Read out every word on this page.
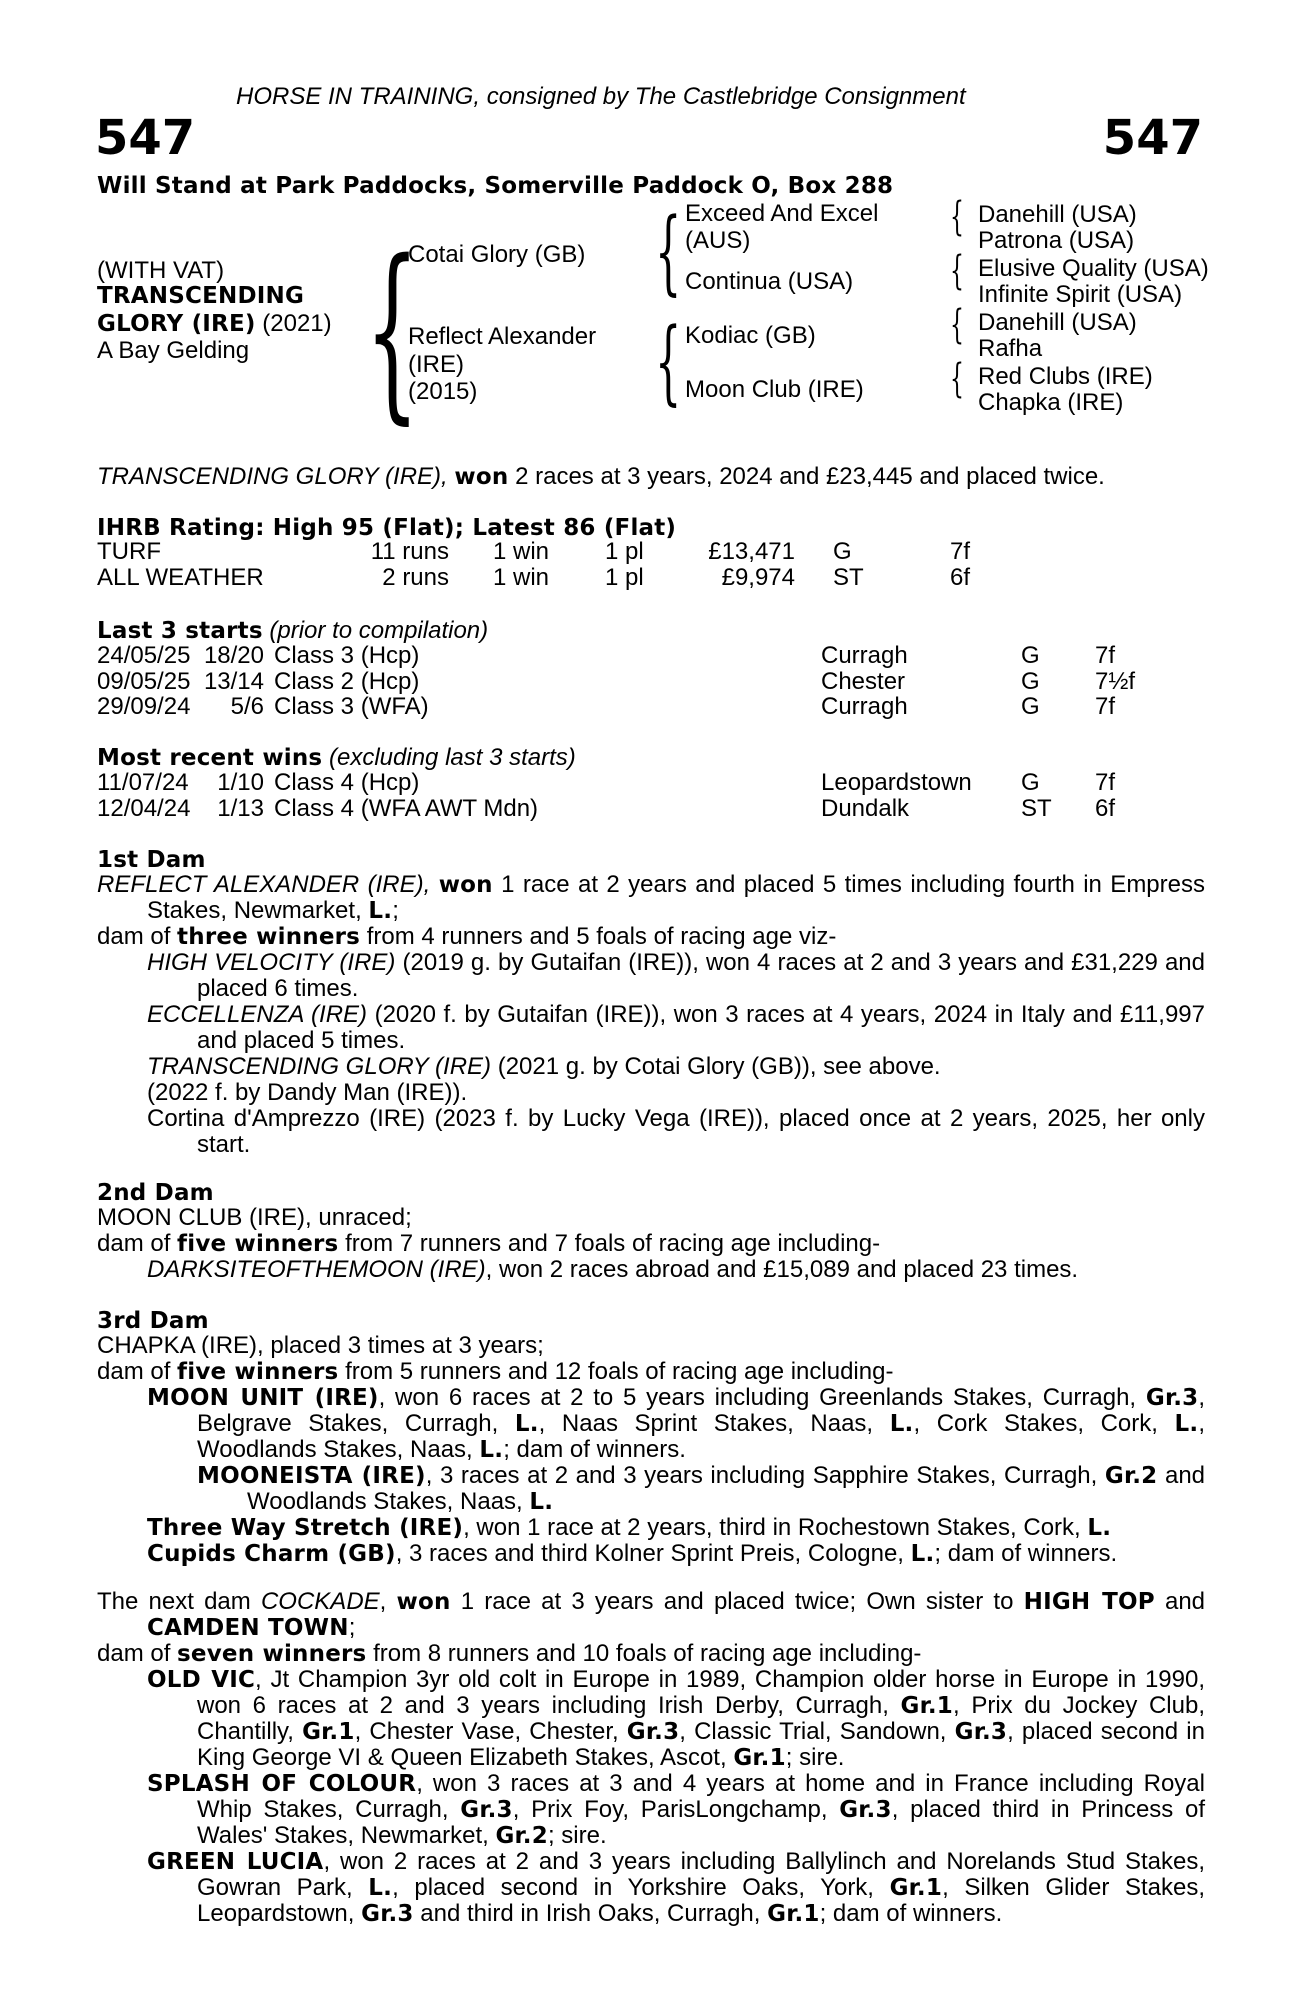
HORSE IN TRAINING, consigned by The Castlebridge Consignment
547	547
Will Stand at Park Paddocks, Somerville Paddock O, Box 288
(WITH VAT)
TRANSCENDING
GLORY (IRE) (2021)
A Bay Gelding {	{
{
{
{
{
{
Cotai Glory (GB)
Reflect Alexander
(IRE)
(2015)
Exceed And Excel
(AUS)
Continua (USA)
Kodiac (GB)
Moon Club (IRE)
Danehill (USA)
Patrona (USA)
Elusive Quality (USA)
Infinite Spirit (USA)
Danehill (USA)
Rafha
Red Clubs (IRE)
Chapka (IRE)
TRANSCENDING GLORY (IRE), won 2 races at 3 years, 2024 and £23,445 and placed twice.
IHRB Rating: High 95 (Flat); Latest 86 (Flat)
TURF	11 runs	1 win	1 pl	£13,471	G	7f
ALL WEATHER	2 runs	1 win	1 pl	£9,974	ST	6f
Last 3 starts (prior to compilation)
24/05/25	18/20	Class 3 (Hcp)	Curragh	G	7f
09/05/25	13/14	Class 2 (Hcp)	Chester	G	7½f
29/09/24	5/6	Class 3 (WFA)	Curragh	G	7f
Most recent wins (excluding last 3 starts)
11/07/24	1/10	Class 4 (Hcp)	Leopardstown	G	7f
12/04/24	1/13	Class 4 (WFA AWT Mdn)	Dundalk	ST	6f
1st Dam

REFLECT ALEXANDER (IRE), won 1 race at 2 years and placed 5 times including fourth in Empress Stakes, Newmarket, L.;

dam of three winners from 4 runners and 5 foals of racing age viz-

HIGH VELOCITY (IRE) (2019 g. by Gutaifan (IRE)), won 4 races at 2 and 3 years and £31,229 and placed 6 times.

ECCELLENZA (IRE) (2020 f. by Gutaifan (IRE)), won 3 races at 4 years, 2024 in Italy and £11,997 and placed 5 times.

TRANSCENDING GLORY (IRE) (2021 g. by Cotai Glory (GB)), see above.

(2022 f. by Dandy Man (IRE)).

Cortina d'Amprezzo (IRE) (2023 f. by Lucky Vega (IRE)), placed once at 2 years, 2025, her only start.

2nd Dam

MOON CLUB (IRE), unraced;

dam of five winners from 7 runners and 7 foals of racing age including-

DARKSITEOFTHEMOON (IRE), won 2 races abroad and £15,089 and placed 23 times.

3rd Dam

CHAPKA (IRE), placed 3 times at 3 years;

dam of five winners from 5 runners and 12 foals of racing age including-

MOON UNIT (IRE), won 6 races at 2 to 5 years including Greenlands Stakes, Curragh, Gr.3, Belgrave Stakes, Curragh, L., Naas Sprint Stakes, Naas, L., Cork Stakes, Cork, L., Woodlands Stakes, Naas, L.; dam of winners.

MOONEISTA (IRE), 3 races at 2 and 3 years including Sapphire Stakes, Curragh, Gr.2 and Woodlands Stakes, Naas, L.

Three Way Stretch (IRE), won 1 race at 2 years, third in Rochestown Stakes, Cork, L.

Cupids Charm (GB), 3 races and third Kolner Sprint Preis, Cologne, L.; dam of winners.

The next dam COCKADE, won 1 race at 3 years and placed twice; Own sister to HIGH TOP and CAMDEN TOWN;

dam of seven winners from 8 runners and 10 foals of racing age including-

OLD VIC, Jt Champion 3yr old colt in Europe in 1989, Champion older horse in Europe in 1990, won 6 races at 2 and 3 years including Irish Derby, Curragh, Gr.1, Prix du Jockey Club, Chantilly, Gr.1, Chester Vase, Chester, Gr.3, Classic Trial, Sandown, Gr.3, placed second in King George VI & Queen Elizabeth Stakes, Ascot, Gr.1; sire.

SPLASH OF COLOUR, won 3 races at 3 and 4 years at home and in France including Royal Whip Stakes, Curragh, Gr.3, Prix Foy, ParisLongchamp, Gr.3, placed third in Princess of Wales' Stakes, Newmarket, Gr.2; sire.

GREEN LUCIA, won 2 races at 2 and 3 years including Ballylinch and Norelands Stud Stakes, Gowran Park, L., placed second in Yorkshire Oaks, York, Gr.1, Silken Glider Stakes, Leopardstown, Gr.3 and third in Irish Oaks, Curragh, Gr.1; dam of winners.
